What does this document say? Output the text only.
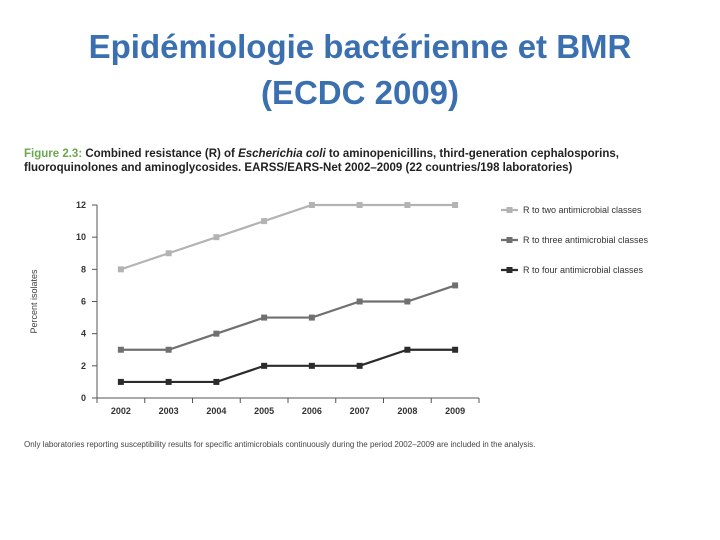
Epidémiologie bactérienne et BMR
(ECDC 2009)
Figure 2.3: Combined resistance (R) of Escherichia coli to aminopenicillins, third-generation cephalosporins, fluoroquinolones and aminoglycosides. EARSS/EARS-Net 2002–2009 (22 countries/198 laboratories)
Percent isolates
0
2
4
6
8
10
12
2002	2003	2004	2005	2006	2007	2008	2009
R to two antimicrobial classes
R to three antimicrobial classes
R to four antimicrobial classes
Only laboratories reporting susceptibility results for specific antimicrobials continuously during the period 2002–2009 are included in the analysis.
